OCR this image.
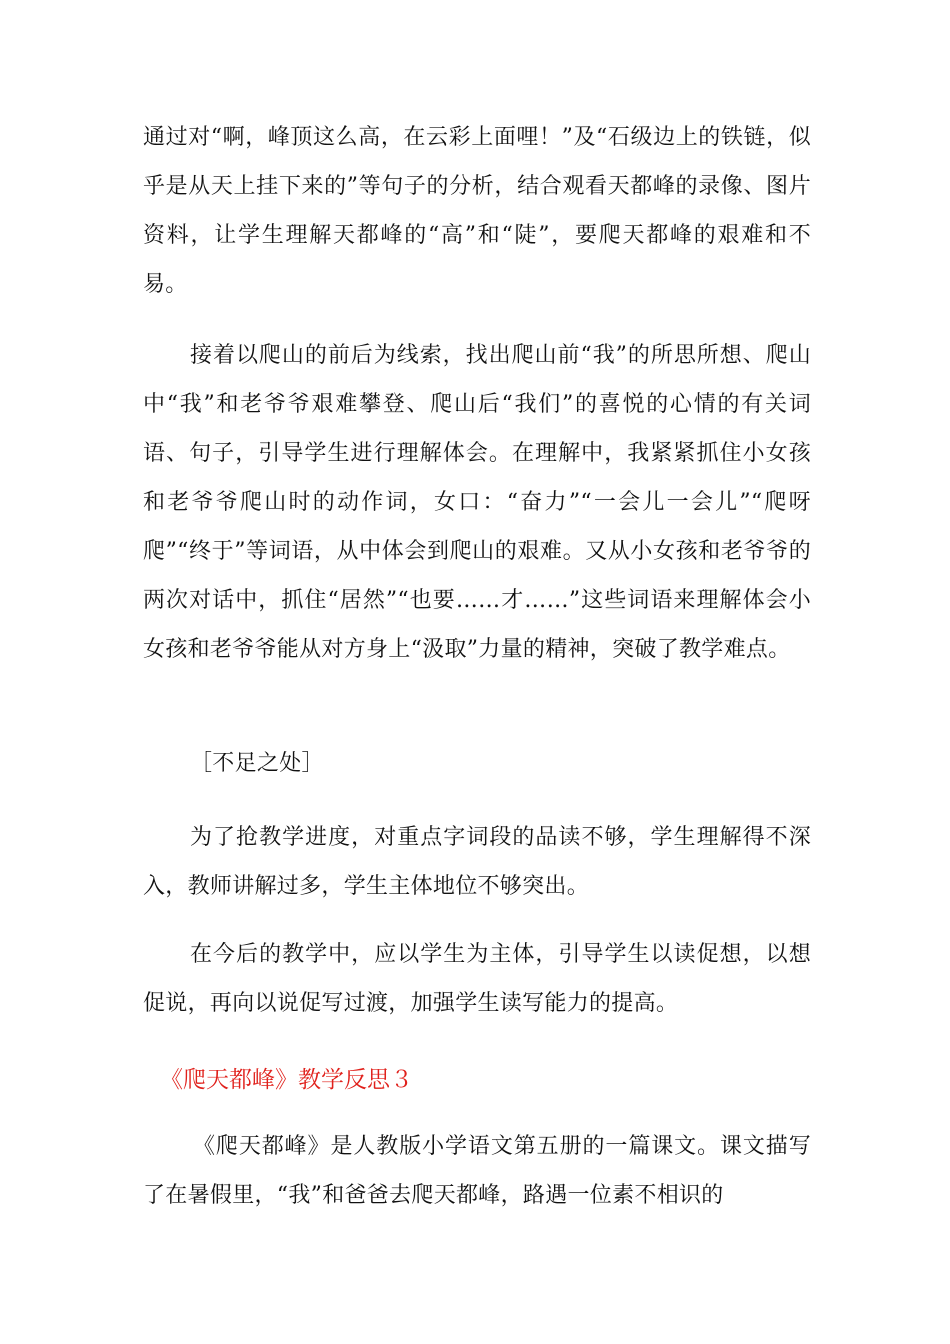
通过对“啊，峰顶这么高，在云彩上面哩！”及“石级边上的铁链，似乎是从天上挂下来的”等句子的分析，结合观看天都峰的录像、图片资料，让学生理解天都峰的“高”和“陡”，要爬天都峰的艰难和不易。

接着以爬山的前后为线索，找出爬山前“我”的所思所想、爬山中“我”和老爷爷艰难攀登、爬山后“我们”的喜悦的心情的有关词语、句子，引导学生进行理解体会。在理解中，我紧紧抓住小女孩和老爷爷爬山时的动作词，女口：“奋力”“一会儿一会儿”“爬呀爬”“终于”等词语，从中体会到爬山的艰难。又从小女孩和老爷爷的两次对话中，抓住“居然”“也要……才……”这些词语来理解体会小女孩和老爷爷能从对方身上“汲取”力量的精神，突破了教学难点。

［不足之处］

为了抢教学进度，对重点字词段的品读不够，学生理解得不深入，教师讲解过多，学生主体地位不够突出。

在今后的教学中，应以学生为主体，引导学生以读促想，以想促说，再向以说促写过渡，加强学生读写能力的提高。

《爬天都峰》教学反思３

《爬天都峰》是人教版小学语文第五册的一篇课文。课文描写了在暑假里，“我”和爸爸去爬天都峰，路遇一位素不相识的
